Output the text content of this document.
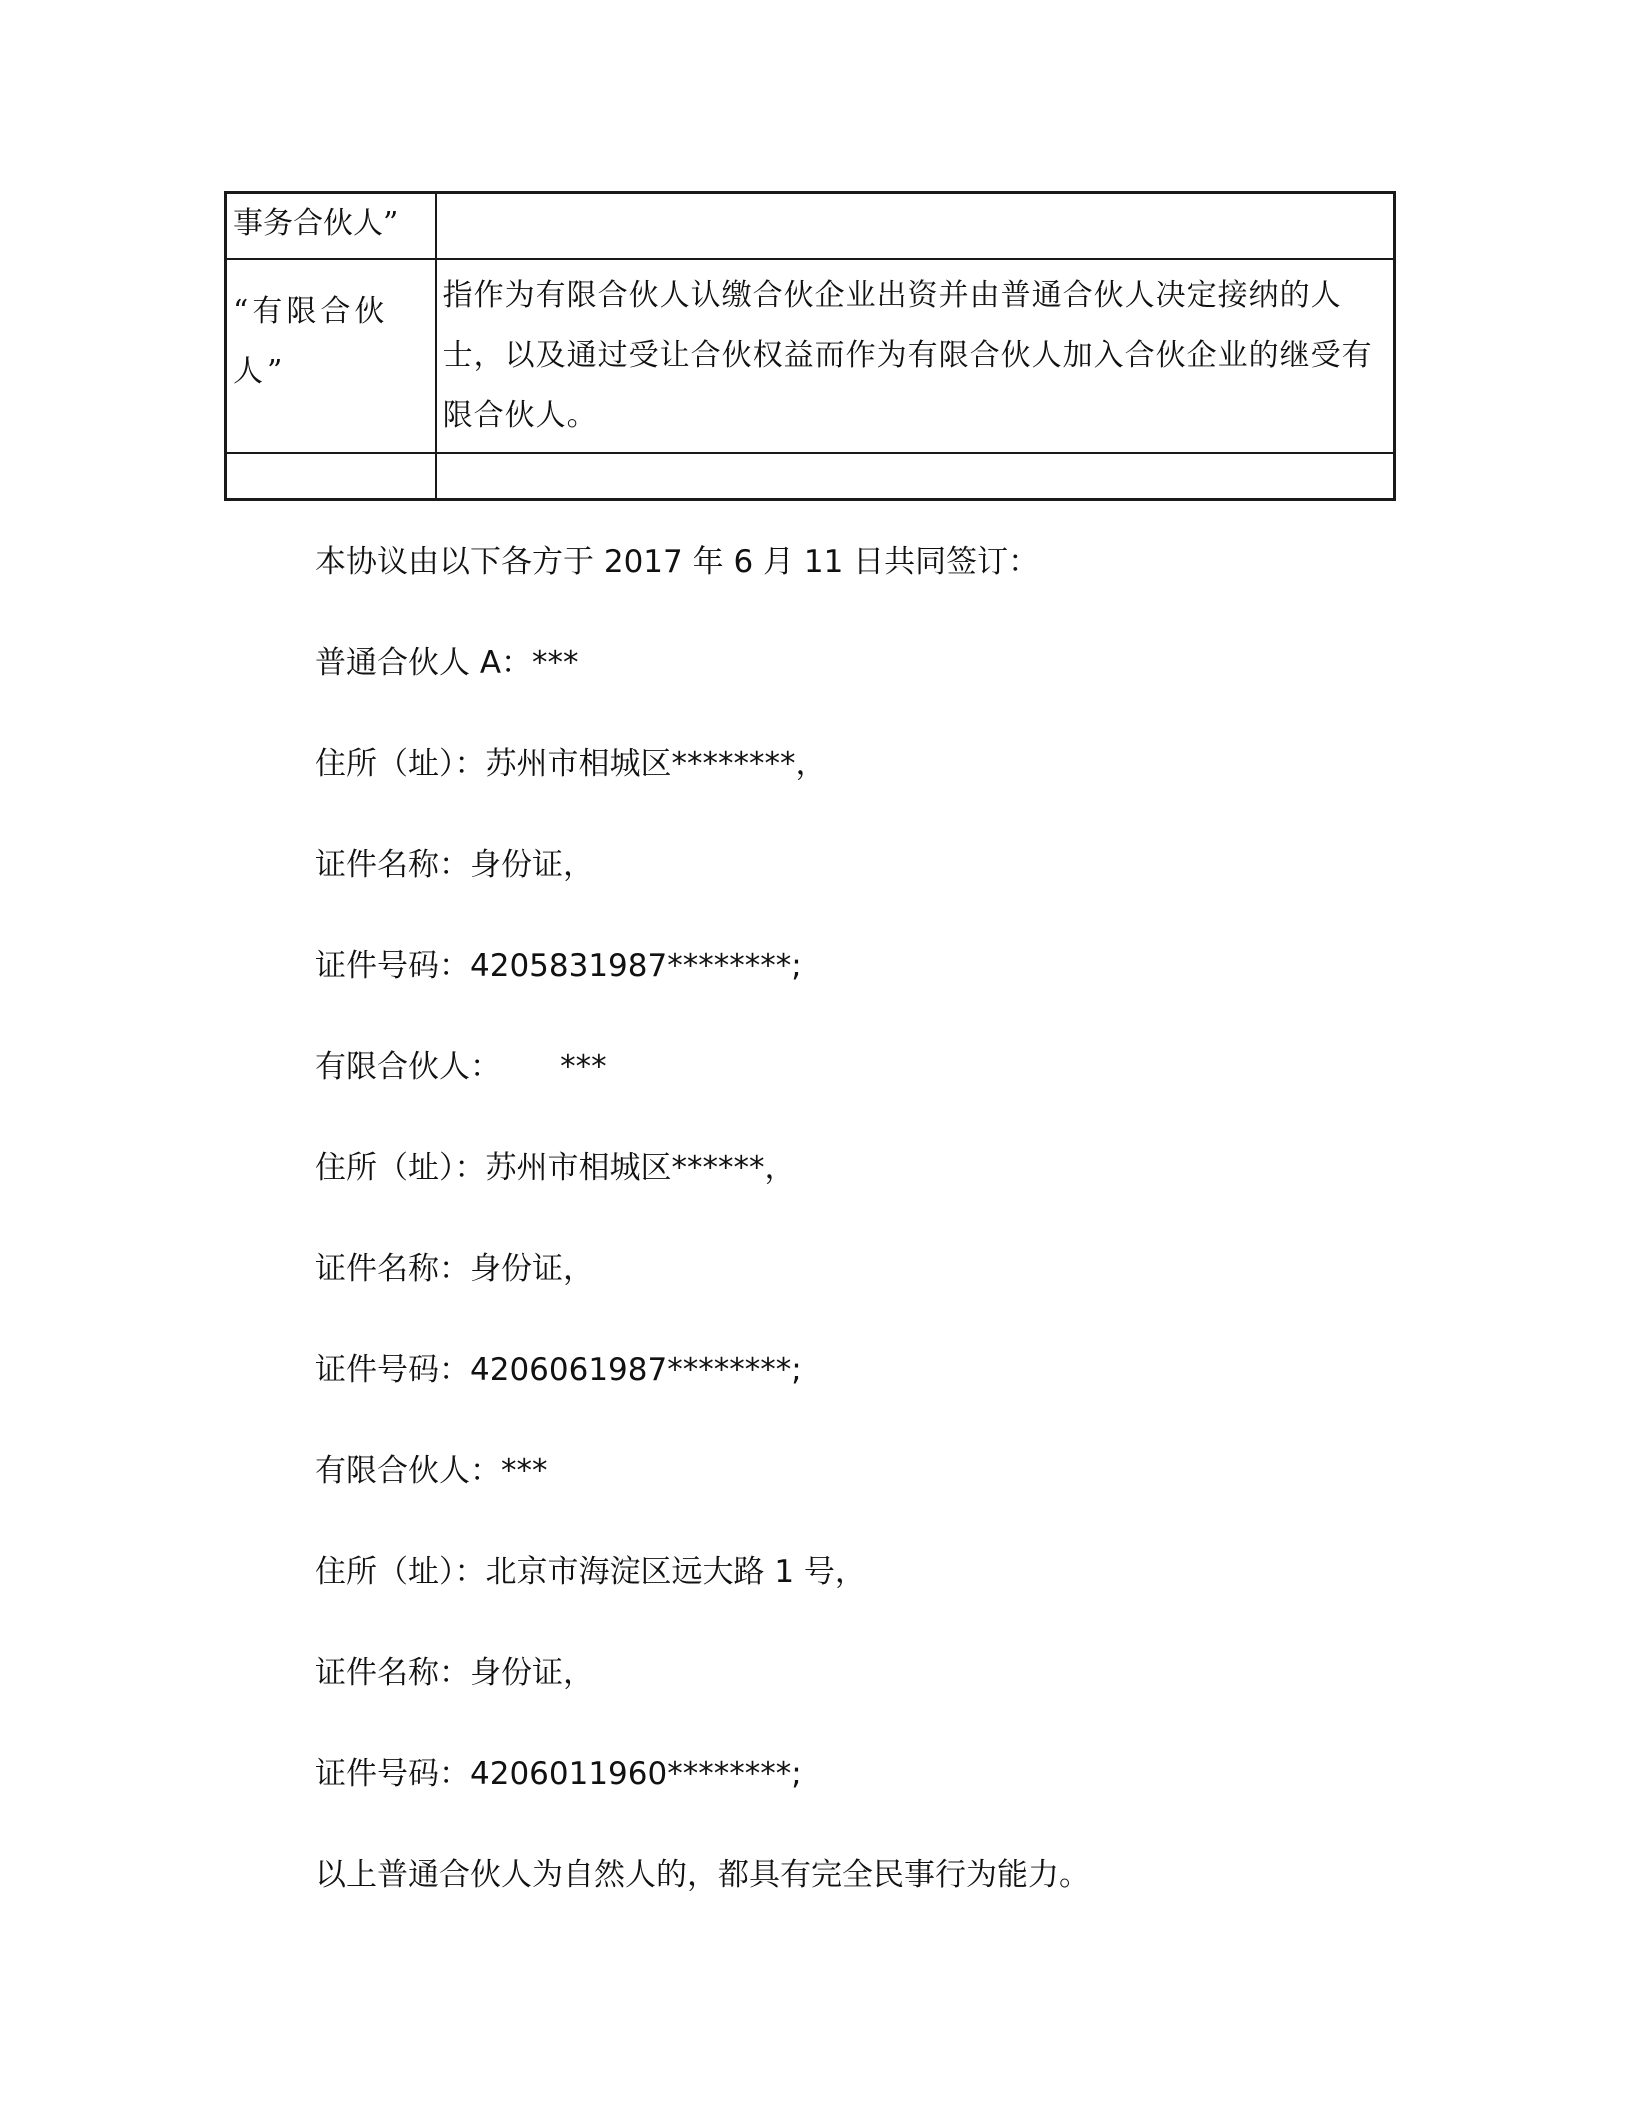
事务合伙人”	
“有限合伙人”	指作为有限合伙人认缴合伙企业出资并由普通合伙人决定接纳的人士，以及通过受让合伙权益而作为有限合伙人加入合伙企业的继受有限合伙人。

本协议由以下各方于 2017 年 6 月 11 日共同签订：

普通合伙人 A：***

住所（址）：苏州市相城区********，

证件名称：身份证，

证件号码：4205831987********;

有限合伙人：      ***

住所（址）：苏州市相城区******，

证件名称：身份证，

证件号码：4206061987********;

有限合伙人：***

住所（址）：北京市海淀区远大路 1 号，

证件名称：身份证，

证件号码：4206011960********;

以上普通合伙人为自然人的，都具有完全民事行为能力。
